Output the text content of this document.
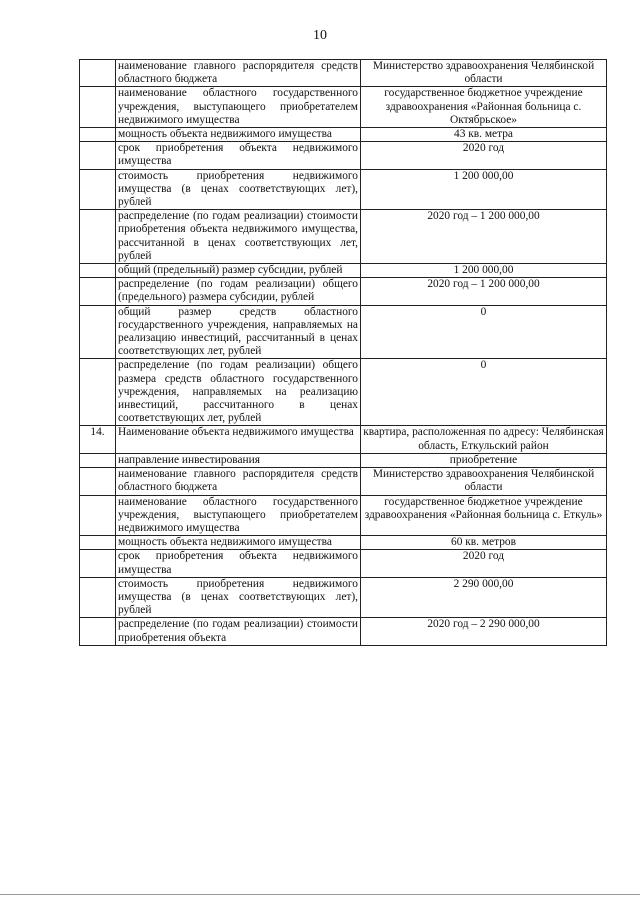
10
	наименование главного распорядителя средств областного бюджета	Министерство здравоохранения Челябинской области
	наименование областного государственного учреждения, выступающего приобретателем недвижимого имущества	государственное бюджетное учреждение здравоохранения «Районная больница с. Октябрьское»
	мощность объекта недвижимого имущества	43 кв. метра
	срок приобретения объекта недвижимого имущества	2020 год
	стоимость приобретения недвижимого имущества (в ценах соответствующих лет), рублей	1 200 000,00
	распределение (по годам реализации) стоимости приобретения объекта недвижимого имущества, рассчитанной в ценах соответствующих лет, рублей	2020 год – 1 200 000,00
	общий (предельный) размер субсидии, рублей	1 200 000,00
	распределение (по годам реализации) общего (предельного) размера субсидии, рублей	2020 год – 1 200 000,00
	общий размер средств областного государственного учреждения, направляемых на реализацию инвестиций, рассчитанный в ценах соответствующих лет, рублей	0
	распределение (по годам реализации) общего размера средств областного государственного учреждения, направляемых на реализацию инвестиций, рассчитанного в ценах соответствующих лет, рублей	0
14.	Наименование объекта недвижимого имущества	квартира, расположенная по адресу: Челябинская область, Еткульский район
	направление инвестирования	приобретение
	наименование главного распорядителя средств областного бюджета	Министерство здравоохранения Челябинской области
	наименование областного государственного учреждения, выступающего приобретателем недвижимого имущества	государственное бюджетное учреждение здравоохранения «Районная больница с. Еткуль»
	мощность объекта недвижимого имущества	60 кв. метров
	срок приобретения объекта недвижимого имущества	2020 год
	стоимость приобретения недвижимого имущества (в ценах соответствующих лет), рублей	2 290 000,00
	распределение (по годам реализации) стоимости приобретения объекта	2020 год – 2 290 000,00
